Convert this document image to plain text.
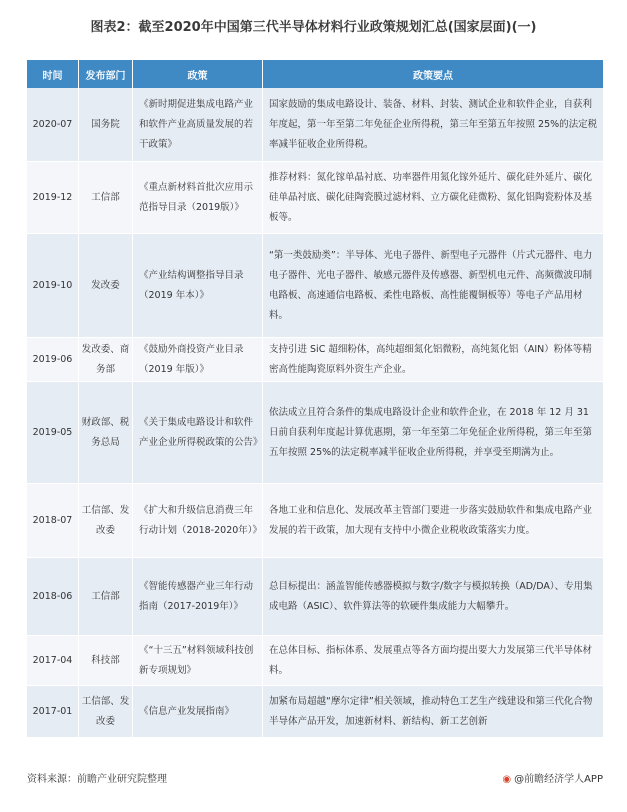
图表2：截至2020年中国第三代半导体材料行业政策规划汇总(国家层面)(一)
时间	发布部门	政策	政策要点
2020-07	国务院	《新时期促进集成电路产业和软件产业高质量发展的若干政策》	国家鼓励的集成电路设计、装备、材料、封装、测试企业和软件企业，自获利年度起，第一年至第二年免征企业所得税，第三年至第五年按照 25%的法定税率减半征收企业所得税。
2019-12	工信部	《重点新材料首批次应用示范指导目录（2019版）》	推荐材料：氮化镓单晶衬底、功率器件用氮化镓外延片、碳化硅外延片、碳化硅单晶衬底、碳化硅陶瓷膜过滤材料、立方碳化硅微粉、氮化铝陶瓷粉体及基板等。
2019-10	发改委	《产业结构调整指导目录（2019 年本）》	“第一类鼓励类”：半导体、光电子器件、新型电子元器件（片式元器件、电力电子器件、光电子器件、敏感元器件及传感器、新型机电元件、高频微波印制电路板、高速通信电路板、柔性电路板、高性能覆铜板等）等电子产品用材料。
2019-06	发改委、商务部	《鼓励外商投资产业目录（2019 年版）》	支持引进 SiC 超细粉体，高纯超细氮化铝微粉，高纯氮化铝（AIN）粉体等精密高性能陶瓷原料外资生产企业。
2019-05	财政部、税务总局	《关于集成电路设计和软件产业企业所得税政策的公告》	依法成立且符合条件的集成电路设计企业和软件企业，在 2018 年 12 月 31 日前自获利年度起计算优惠期，第一年至第二年免征企业所得税，第三年至第五年按照 25%的法定税率减半征收企业所得税，并享受至期满为止。
2018-07	工信部、发改委	《扩大和升级信息消费三年行动计划（2018-2020年）》	各地工业和信息化、发展改革主管部门要进一步落实鼓励软件和集成电路产业发展的若干政策，加大现有支持中小微企业税收政策落实力度。
2018-06	工信部	《智能传感器产业三年行动指南（2017-2019年）》	总目标提出：涵盖智能传感器模拟与数字/数字与模拟转换（AD/DA）、专用集成电路（ASIC）、软件算法等的软硬件集成能力大幅攀升。
2017-04	科技部	《“十三五”材料领域科技创新专项规划》	在总体目标、指标体系、发展重点等各方面均提出要大力发展第三代半导体材料。
2017-01	工信部、发改委	《信息产业发展指南》	加紧布局超越“摩尔定律”相关领域，推动特色工艺生产线建设和第三代化合物半导体产品开发，加速新材料、新结构、新工艺创新
资料来源：前瞻产业研究院整理	◉ @前瞻经济学人APP
